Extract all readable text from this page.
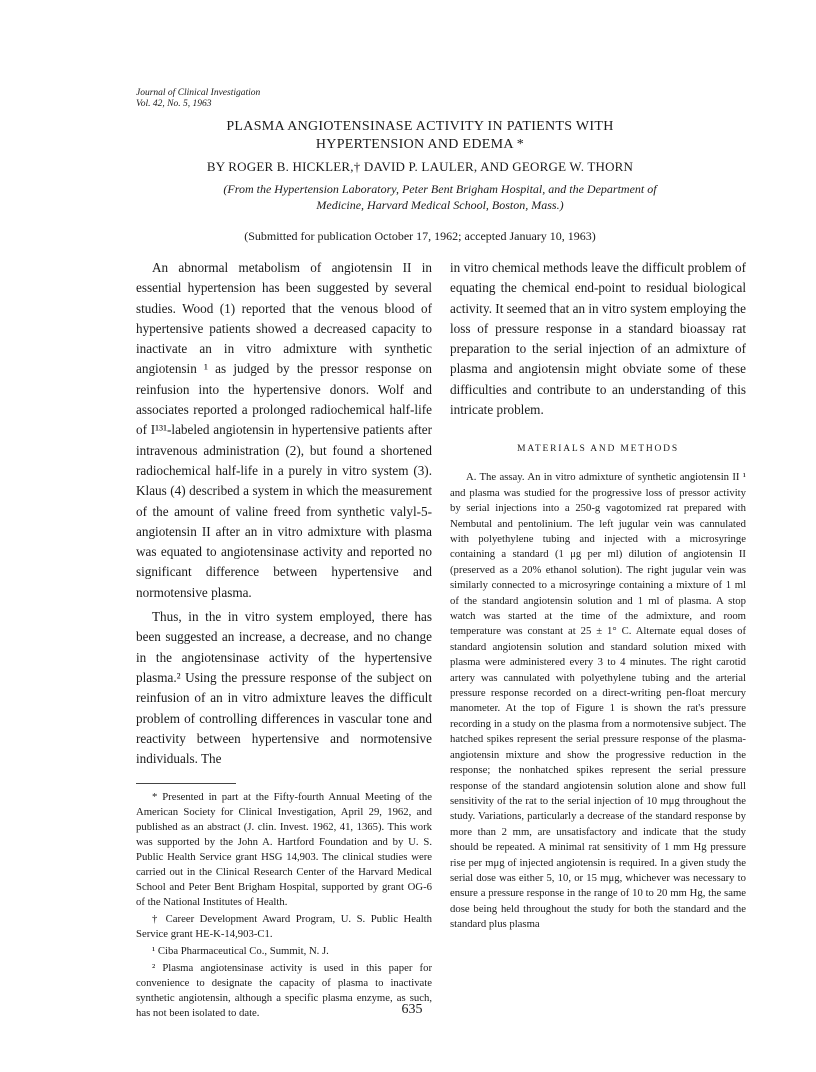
Journal of Clinical Investigation
Vol. 42, No. 5, 1963
PLASMA ANGIOTENSINASE ACTIVITY IN PATIENTS WITH
HYPERTENSION AND EDEMA *
BY ROGER B. HICKLER,† DAVID P. LAULER, AND GEORGE W. THORN
(From the Hypertension Laboratory, Peter Bent Brigham Hospital, and the Department of
Medicine, Harvard Medical School, Boston, Mass.)
(Submitted for publication October 17, 1962; accepted January 10, 1963)

An abnormal metabolism of angiotensin II in essential hypertension has been suggested by several studies. Wood (1) reported that the venous blood of hypertensive patients showed a decreased capacity to inactivate an in vitro admixture with synthetic angiotensin ¹ as judged by the pressor response on reinfusion into the hypertensive donors. Wolf and associates reported a prolonged radiochemical half-life of I¹³¹-labeled angiotensin in hypertensive patients after intravenous administration (2), but found a shortened radiochemical half-life in a purely in vitro system (3). Klaus (4) described a system in which the measurement of the amount of valine freed from synthetic valyl-5-angiotensin II after an in vitro admixture with plasma was equated to angiotensinase activity and reported no significant difference between hypertensive and normotensive plasma.

Thus, in the in vitro system employed, there has been suggested an increase, a decrease, and no change in the angiotensinase activity of the hypertensive plasma.² Using the pressure response of the subject on reinfusion of an in vitro admixture leaves the difficult problem of controlling differences in vascular tone and reactivity between hypertensive and normotensive individuals. The

* Presented in part at the Fifty-fourth Annual Meeting of the American Society for Clinical Investigation, April 29, 1962, and published as an abstract (J. clin. Invest. 1962, 41, 1365). This work was supported by the John A. Hartford Foundation and by U. S. Public Health Service grant HSG 14,903. The clinical studies were carried out in the Clinical Research Center of the Harvard Medical School and Peter Bent Brigham Hospital, supported by grant OG-6 of the National Institutes of Health.

† Career Development Award Program, U. S. Public Health Service grant HE-K-14,903-C1.

¹ Ciba Pharmaceutical Co., Summit, N. J.

² Plasma angiotensinase activity is used in this paper for convenience to designate the capacity of plasma to inactivate synthetic angiotensin, although a specific plasma enzyme, as such, has not been isolated to date.

in vitro chemical methods leave the difficult problem of equating the chemical end-point to residual biological activity. It seemed that an in vitro system employing the loss of pressure response in a standard bioassay rat preparation to the serial injection of an admixture of plasma and angiotensin might obviate some of these difficulties and contribute to an understanding of this intricate problem.

MATERIALS AND METHODS

A. The assay. An in vitro admixture of synthetic angiotensin II ¹ and plasma was studied for the progressive loss of pressor activity by serial injections into a 250-g vagotomized rat prepared with Nembutal and pentolinium. The left jugular vein was cannulated with polyethylene tubing and injected with a microsyringe containing a standard (1 μg per ml) dilution of angiotensin II (preserved as a 20% ethanol solution). The right jugular vein was similarly connected to a microsyringe containing a mixture of 1 ml of the standard angiotensin solution and 1 ml of plasma. A stop watch was started at the time of the admixture, and room temperature was constant at 25 ± 1° C. Alternate equal doses of standard angiotensin solution and standard solution mixed with plasma were administered every 3 to 4 minutes. The right carotid artery was cannulated with polyethylene tubing and the arterial pressure response recorded on a direct-writing pen-float mercury manometer. At the top of Figure 1 is shown the rat's pressure recording in a study on the plasma from a normotensive subject. The hatched spikes represent the serial pressure response of the plasma-angiotensin mixture and show the progressive reduction in the response; the nonhatched spikes represent the serial pressure response of the standard angiotensin solution alone and show full sensitivity of the rat to the serial injection of 10 mμg throughout the study. Variations, particularly a decrease of the standard response by more than 2 mm, are unsatisfactory and indicate that the study should be repeated. A minimal rat sensitivity of 1 mm Hg pressure rise per mμg of injected angiotensin is required. In a given study the serial dose was either 5, 10, or 15 mμg, whichever was necessary to ensure a pressure response in the range of 10 to 20 mm Hg, the same dose being held throughout the study for both the standard and the standard plus plasma

635
